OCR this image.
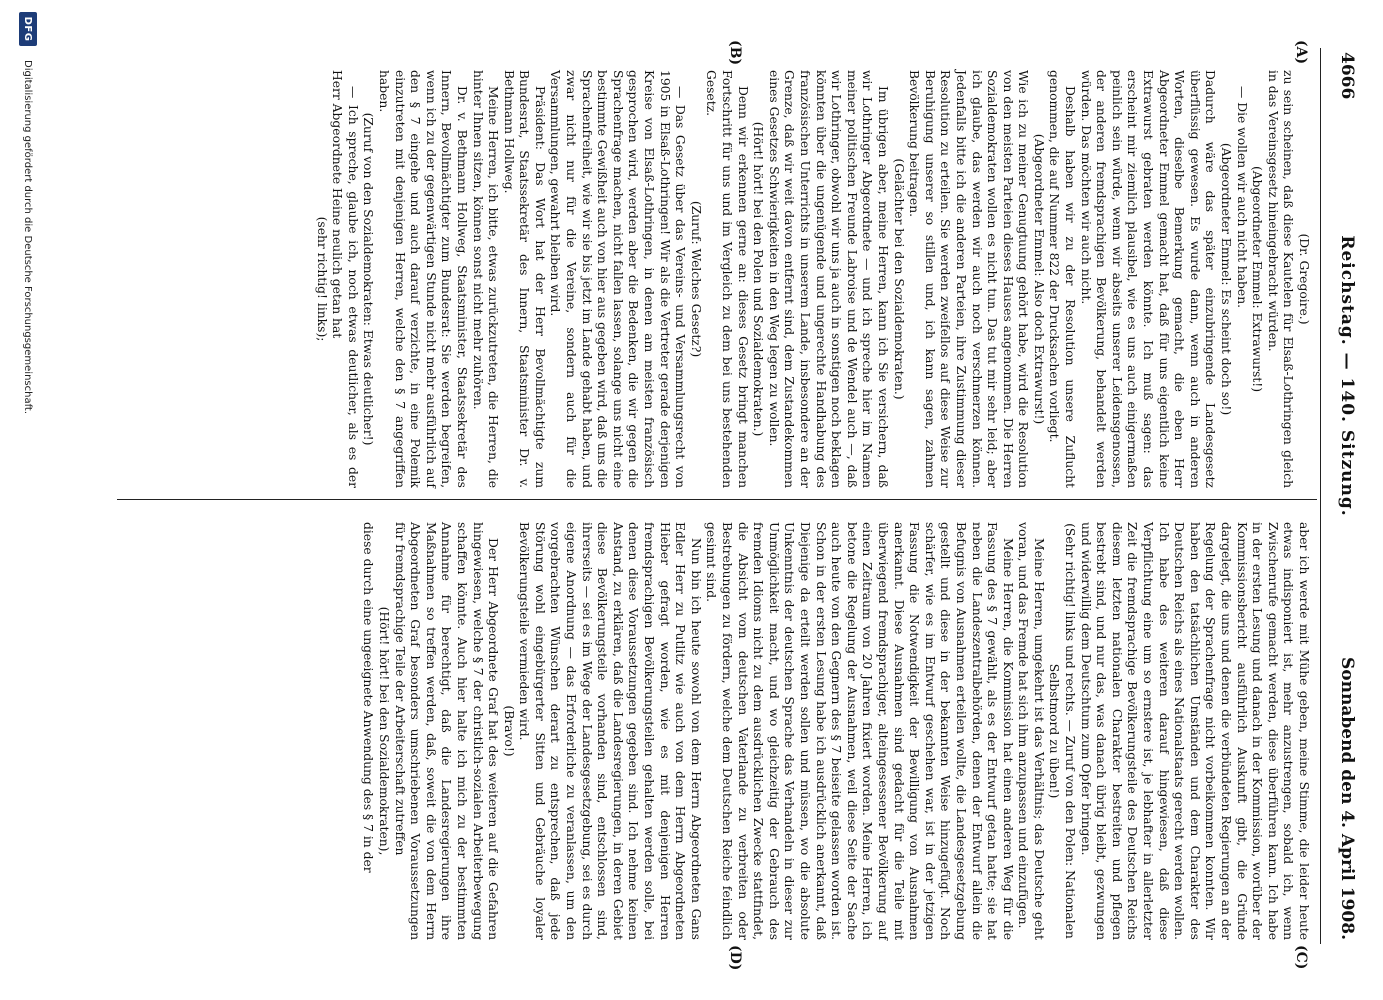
4666
Reichstag. — 140. Sitzung.
Sonnabend den 4. April 1908.
(A)
(B)
(C)
(D)

(Dr. Gregoire.)

zu sein scheinen, daß diese Kautelen für Elsaß-Lothringen gleich in das Vereinsgesetz hineingebracht würden.

(Abgeordneter Emmel: Extrawurst!)

— Die wollen wir auch nicht haben.

(Abgeordneter Emmel: Es scheint doch so!)

Dadurch wäre das später einzubringende Landesgesetz überflüssig gewesen. Es wurde dann, wenn auch in anderen Worten, dieselbe Bemerkung gemacht, die eben Herr Abgeordneter Emmel gemacht hat, daß für uns eigentlich keine Extrawurst gebraten werden könnte. Ich muß sagen: das erscheint mir ziemlich plausibel, wie es uns auch einigermaßen peinlich sein würde, wenn wir abseits unserer Leidensgenossen, der anderen fremdsprachigen Bevölkerung, behandelt werden würden. Das möchten wir auch nicht.

Deshalb haben wir zu der Resolution unsere Zuflucht genommen, die auf Nummer 822 der Drucksachen vorliegt.

(Abgeordneter Emmel: Also doch Extrawurst!)

Wie ich zu meiner Genugtuung gehört habe, wird die Resolution von den meisten Parteien dieses Hauses angenommen. Die Herren Sozialdemokraten wollen es nicht tun. Das tut mir sehr leid; aber ich glaube, das werden wir auch noch verschmerzen können. Jedenfalls bitte ich die anderen Parteien, ihre Zustimmung dieser Resolution zu erteilen. Sie werden zweifellos auf diese Weise zur Beruhigung unserer so stillen und, ich kann sagen, zahmen Bevölkerung beitragen.

(Gelächter bei den Sozialdemokraten.)

Im übrigen aber, meine Herren, kann ich Sie versichern, daß wir Lothringer Abgeordnete — und ich spreche hier im Namen meiner politischen Freunde Labroise und de Wendel auch —, daß wir Lothringer, obwohl wir uns ja auch in sonstigen noch beklagen könnten über die ungenügende und ungerechte Handhabung des französischen Unterrichts in unserem Lande, insbesondere an der Grenze, daß wir weit davon entfernt sind, dem Zustandekommen eines Gesetzes Schwierigkeiten in den Weg legen zu wollen.

(Hört! hört! bei den Polen und Sozialdemokraten.)

Denn wir erkennen gerne an: dieses Gesetz bringt manchen Fortschritt für uns und im Vergleich zu dem bei uns bestehenden Gesetz.

(Zuruf: Welches Gesetz?)

— Das Gesetz über das Vereins- und Versammlungsrecht von 1905 in Elsaß-Lothringen! Wir als die Vertreter gerade derjenigen Kreise von Elsaß-Lothringen, in denen am meisten französisch gesprochen wird, werden aber die Bedenken, die wir gegen die Sprachenfrage machen, nicht fallen lassen, solange uns nicht eine bestimmte Gewißheit auch von hier aus gegeben wird, daß uns die Sprachenfreiheit, wie wir sie bis jetzt im Lande gehabt haben, und zwar nicht nur für die Vereine, sondern auch für die Versammlungen, gewahrt bleiben wird.

Präsident: Das Wort hat der Herr Bevollmächtigte zum Bundesrat, Staatssekretär des Innern, Staatsminister Dr. v. Bethmann Hollweg.

Meine Herren, ich bitte, etwas zurückzutreten, die Herren, die hinter Ihnen sitzen, können sonst nicht mehr zuhören.

Dr. v. Bethmann Hollweg, Staatsminister, Staatssekretär des Innern, Bevollmächtigter zum Bundesrat: Sie werden begreifen, wenn ich zu der gegenwärtigen Stunde nicht mehr ausführlich auf den § 7 eingehe und auch darauf verzichte, in eine Polemik einzutreten mit denjenigen Herren, welche den § 7 angegriffen haben.

(Zuruf von den Sozialdemokraten: Etwas deutlicher!)

— Ich spreche, glaube ich, noch etwas deutlicher, als es der Herr Abgeordnete Heine neulich getan hat

(sehr richtig! links);

aber ich werde mit Mühe geben, meine Stimme, die leider heute etwas indisponiert ist, mehr anzustrengen, sobald ich, wenn Zwischenrufe gemacht werden, diese überführen kann. Ich habe in der ersten Lesung und danach in der Kommission, worüber der Kommissionsbericht ausführlich Auskunft gibt, die Gründe dargelegt, die uns und denen die verbündeten Regierungen an der Regelung der Sprachenfrage nicht vorbeikommen konnten. Wir haben den tatsächlichen Umständen und dem Charakter des Deutschen Reichs als eines Nationalstaats gerecht werden wollen. Ich habe des weiteren darauf hingewiesen, daß diese Verpflichtung eine um so ernstere ist, je lebhafter in allerletzter Zeit die fremdsprachige Bevölkerungsteile des Deutschen Reichs diesem letzten nationalen Charakter bestreiten und pflegen bestrebt sind, und nur das, was danach übrig bleibt, gezwungen und widerwillig dem Deutschtum zum Opfer bringen.

(Sehr richtig! links und rechts. — Zuruf von den Polen: Nationalen Selbstmord zu üben!)

Meine Herren, umgekehrt ist das Verhältnis; das Deutsche geht voran, und das Fremde hat sich ihm anzupassen und einzufügen.

Meine Herren, die Kommission hat einen anderen Weg für die Fassung des § 7 gewählt, als es der Entwurf getan hatte; sie hat neben die Landeszentralbehörden, denen der Entwurf allein die Befugnis von Ausnahmen erteilen wollte, die Landesgesetzgebung gestellt und diese in der bekannten Weise hinzugefügt. Noch schärfer, wie es im Entwurf geschehen war, ist in der jetzigen Fassung die Notwendigkeit der Bewilligung von Ausnahmen anerkannt. Diese Ausnahmen sind gedacht für die Teile mit überwiegend fremdsprachiger, alteingesessener Bevölkerung auf einen Zeitraum von 20 Jahren fixiert worden. Meine Herren, ich betone die Regelung der Ausnahmen, weil diese Seite der Sache auch heute von den Gegnern des § 7 beiseite gelassen worden ist. Schon in der ersten Lesung habe ich ausdrücklich anerkannt, daß Diejenige da erteilt werden sollen und müssen, wo die absolute Unkenntnis der deutschen Sprache das Verhandeln in dieser zur Unmöglichkeit macht, und wo gleichzeitig der Gebrauch des fremden Idioms nicht zu dem ausdrücklichen Zwecke stattfindet, die Absicht vom deutschen Vaterlande zu verbreiten oder Bestrebungen zu fördern, welche dem Deutschen Reiche feindlich gesinnt sind.

Nun bin ich heute sowohl von dem Herrn Abgeordneten Gans Edler Herr zu Putlitz wie auch von dem Herrn Abgeordneten Hieber gefragt worden, wie es mit denjenigen Herren fremdsprachigen Bevölkerungsteilen gehalten werden solle, bei denen diese Voraussetzungen gegeben sind. Ich nehme keinen Anstand, zu erklären, daß die Landesregierungen, in deren Gebiet diese Bevölkerungsteile vorhanden sind, entschlossen sind, ihrerseits — sei es im Wege der Landesgesetzgebung, sei es durch eigene Anordnung — das Erforderliche zu veranlassen, um den vorgebrachten Wünschen derart zu entsprechen, daß jede Störung wohl eingebürgerter Sitten und Gebräuche loyaler Bevölkerungsteile vermieden wird.

(Bravo!)

Der Herr Abgeordnete Graf hat des weiteren auf die Gefahren hingewiesen, welche § 7 der christlich-sozialen Arbeiterbewegung schaffen könnte. Auch hier halte ich mich zu der bestimmten Annahme für berechtigt, daß die Landesregierungen ihre Maßnahmen so treffen werden, daß, soweit die von dem Herrn Abgeordneten Graf besonders umschriebenen Voraussetzungen für fremdsprachige Teile der Arbeiterschaft zutreffen

(Hört! hört! bei den Sozialdemokraten),

diese durch eine ungeeignete Anwendung des § 7 in der

DFG
Digitalisierung gefördert durch die Deutsche Forschungsgemeinschaft.
